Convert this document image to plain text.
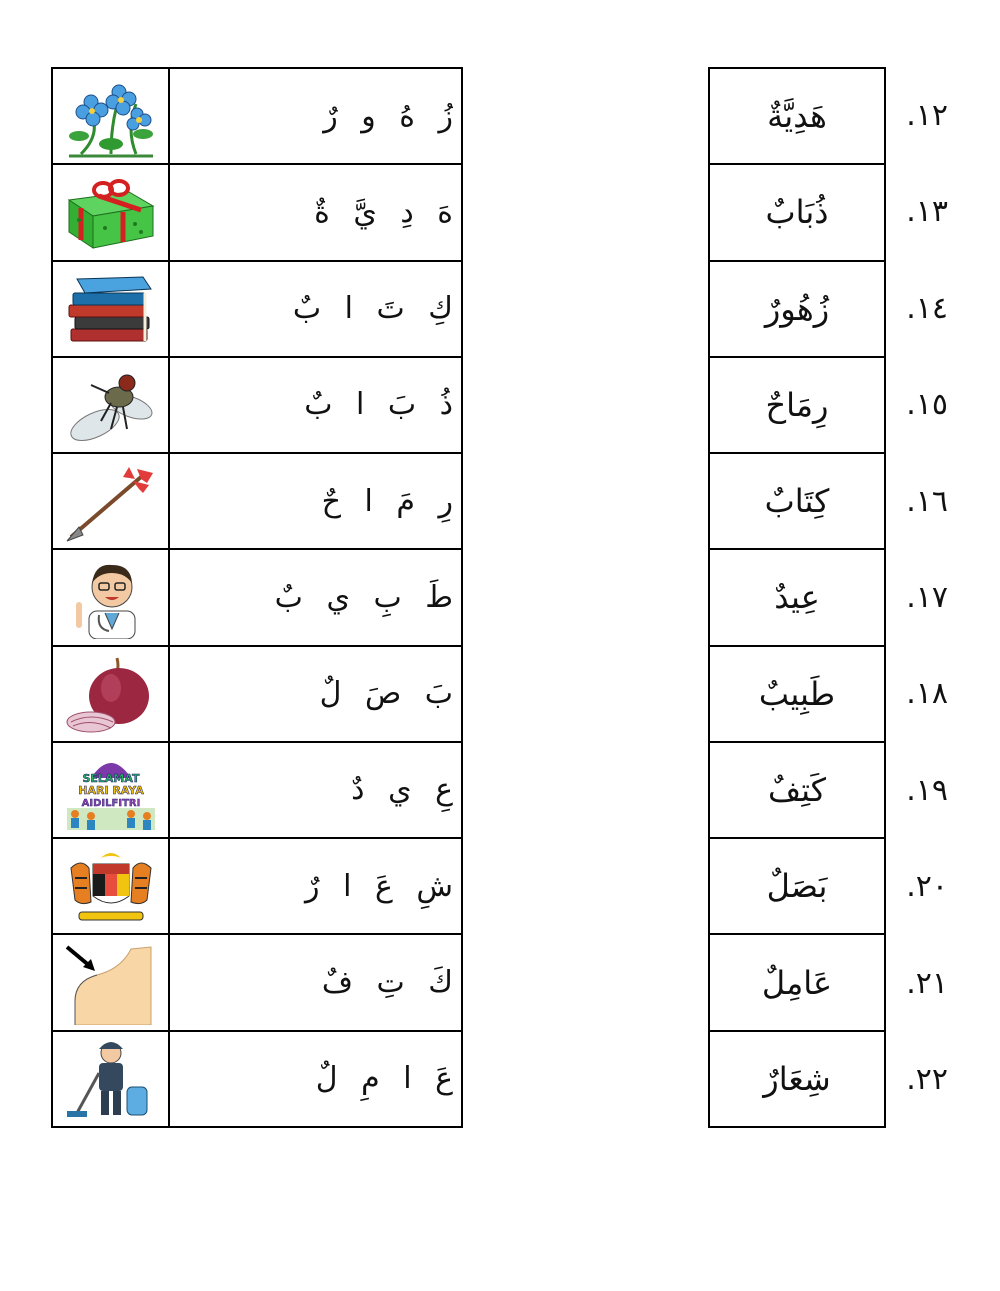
زُ هُ و رٌ
هَ دِ يَّ ةٌ
كِ تَ ا بٌ
ذُ بَ ا بٌ
رِ مَ ا حٌ
طَ بِ ي بٌ
بَ صَ لٌ
SELAMAT
HARI RAYA
AIDILFITRI	عِ ي دٌ
شِ عَ ا رٌ
كَ تِ فٌ
عَ ا مِ لٌ
هَدِيَّةٌ
ذُبَابٌ
زُهُورٌ
رِمَاحٌ
كِتَابٌ
عِيدٌ
طَبِيبٌ
كَتِفٌ
بَصَلٌ
عَامِلٌ
شِعَارٌ
.١٢
.١٣
.١٤
.١٥
.١٦
.١٧
.١٨
.١٩
.٢٠
.٢١
.٢٢
